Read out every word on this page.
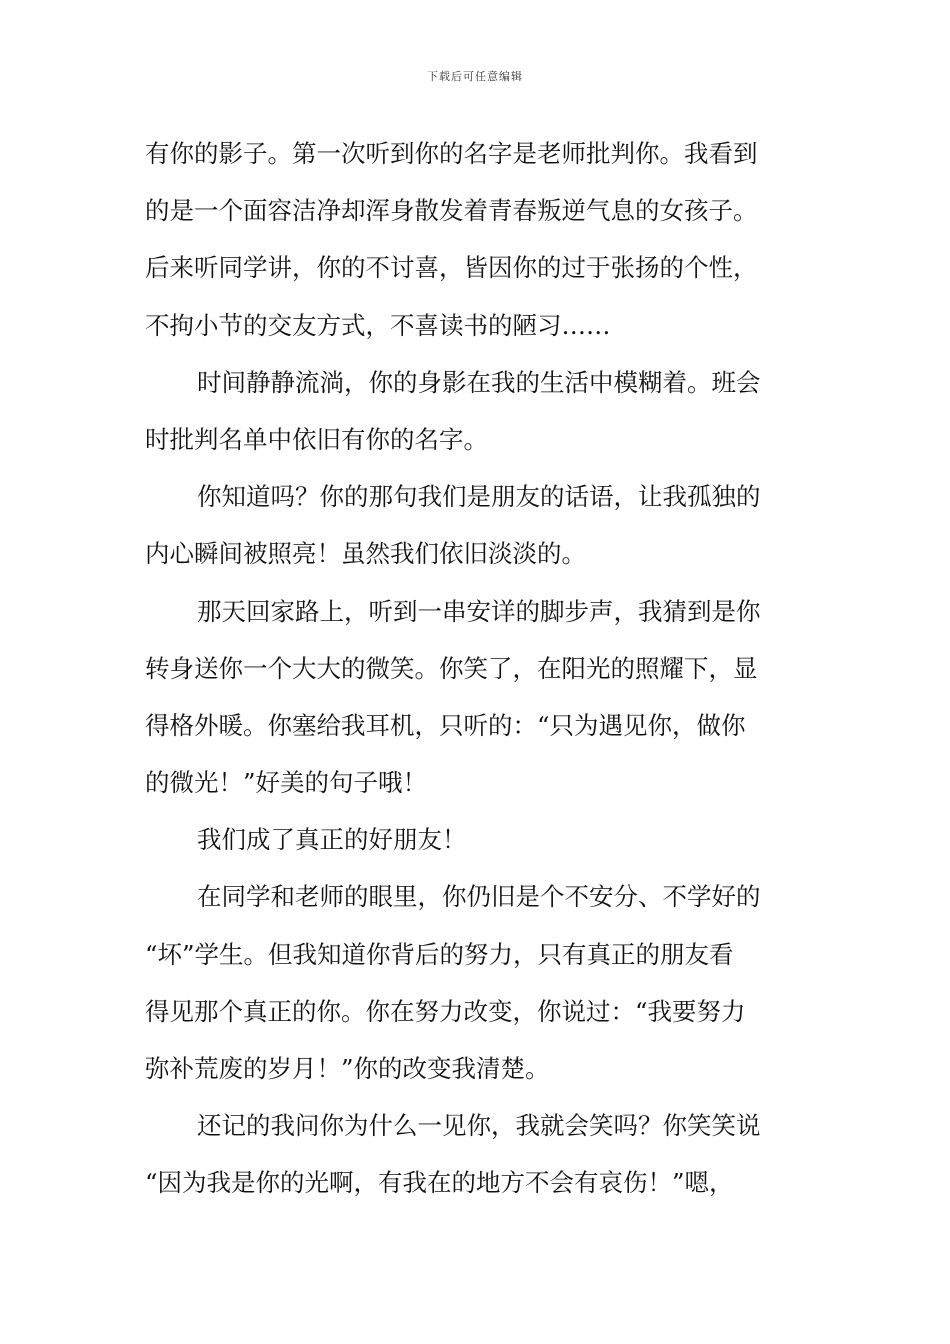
下载后可任意编辑
有你的影子。第一次听到你的名字是老师批判你。我看到
的是一个面容洁净却浑身散发着青春叛逆气息的女孩子。
后来听同学讲，你的不讨喜，皆因你的过于张扬的个性，
不拘小节的交友方式，不喜读书的陋习……
时间静静流淌，你的身影在我的生活中模糊着。班会
时批判名单中依旧有你的名字。
你知道吗？你的那句我们是朋友的话语，让我孤独的
内心瞬间被照亮！虽然我们依旧淡淡的。
那天回家路上，听到一串安详的脚步声，我猜到是你
转身送你一个大大的微笑。你笑了，在阳光的照耀下，显
得格外暖。你塞给我耳机，只听的：“只为遇见你，做你
的微光！”好美的句子哦！
我们成了真正的好朋友！
在同学和老师的眼里，你仍旧是个不安分、不学好的
“坏”学生。但我知道你背后的努力，只有真正的朋友看
得见那个真正的你。你在努力改变，你说过：“我要努力
弥补荒废的岁月！”你的改变我清楚。
还记的我问你为什么一见你，我就会笑吗？你笑笑说
“因为我是你的光啊，有我在的地方不会有哀伤！”嗯，
